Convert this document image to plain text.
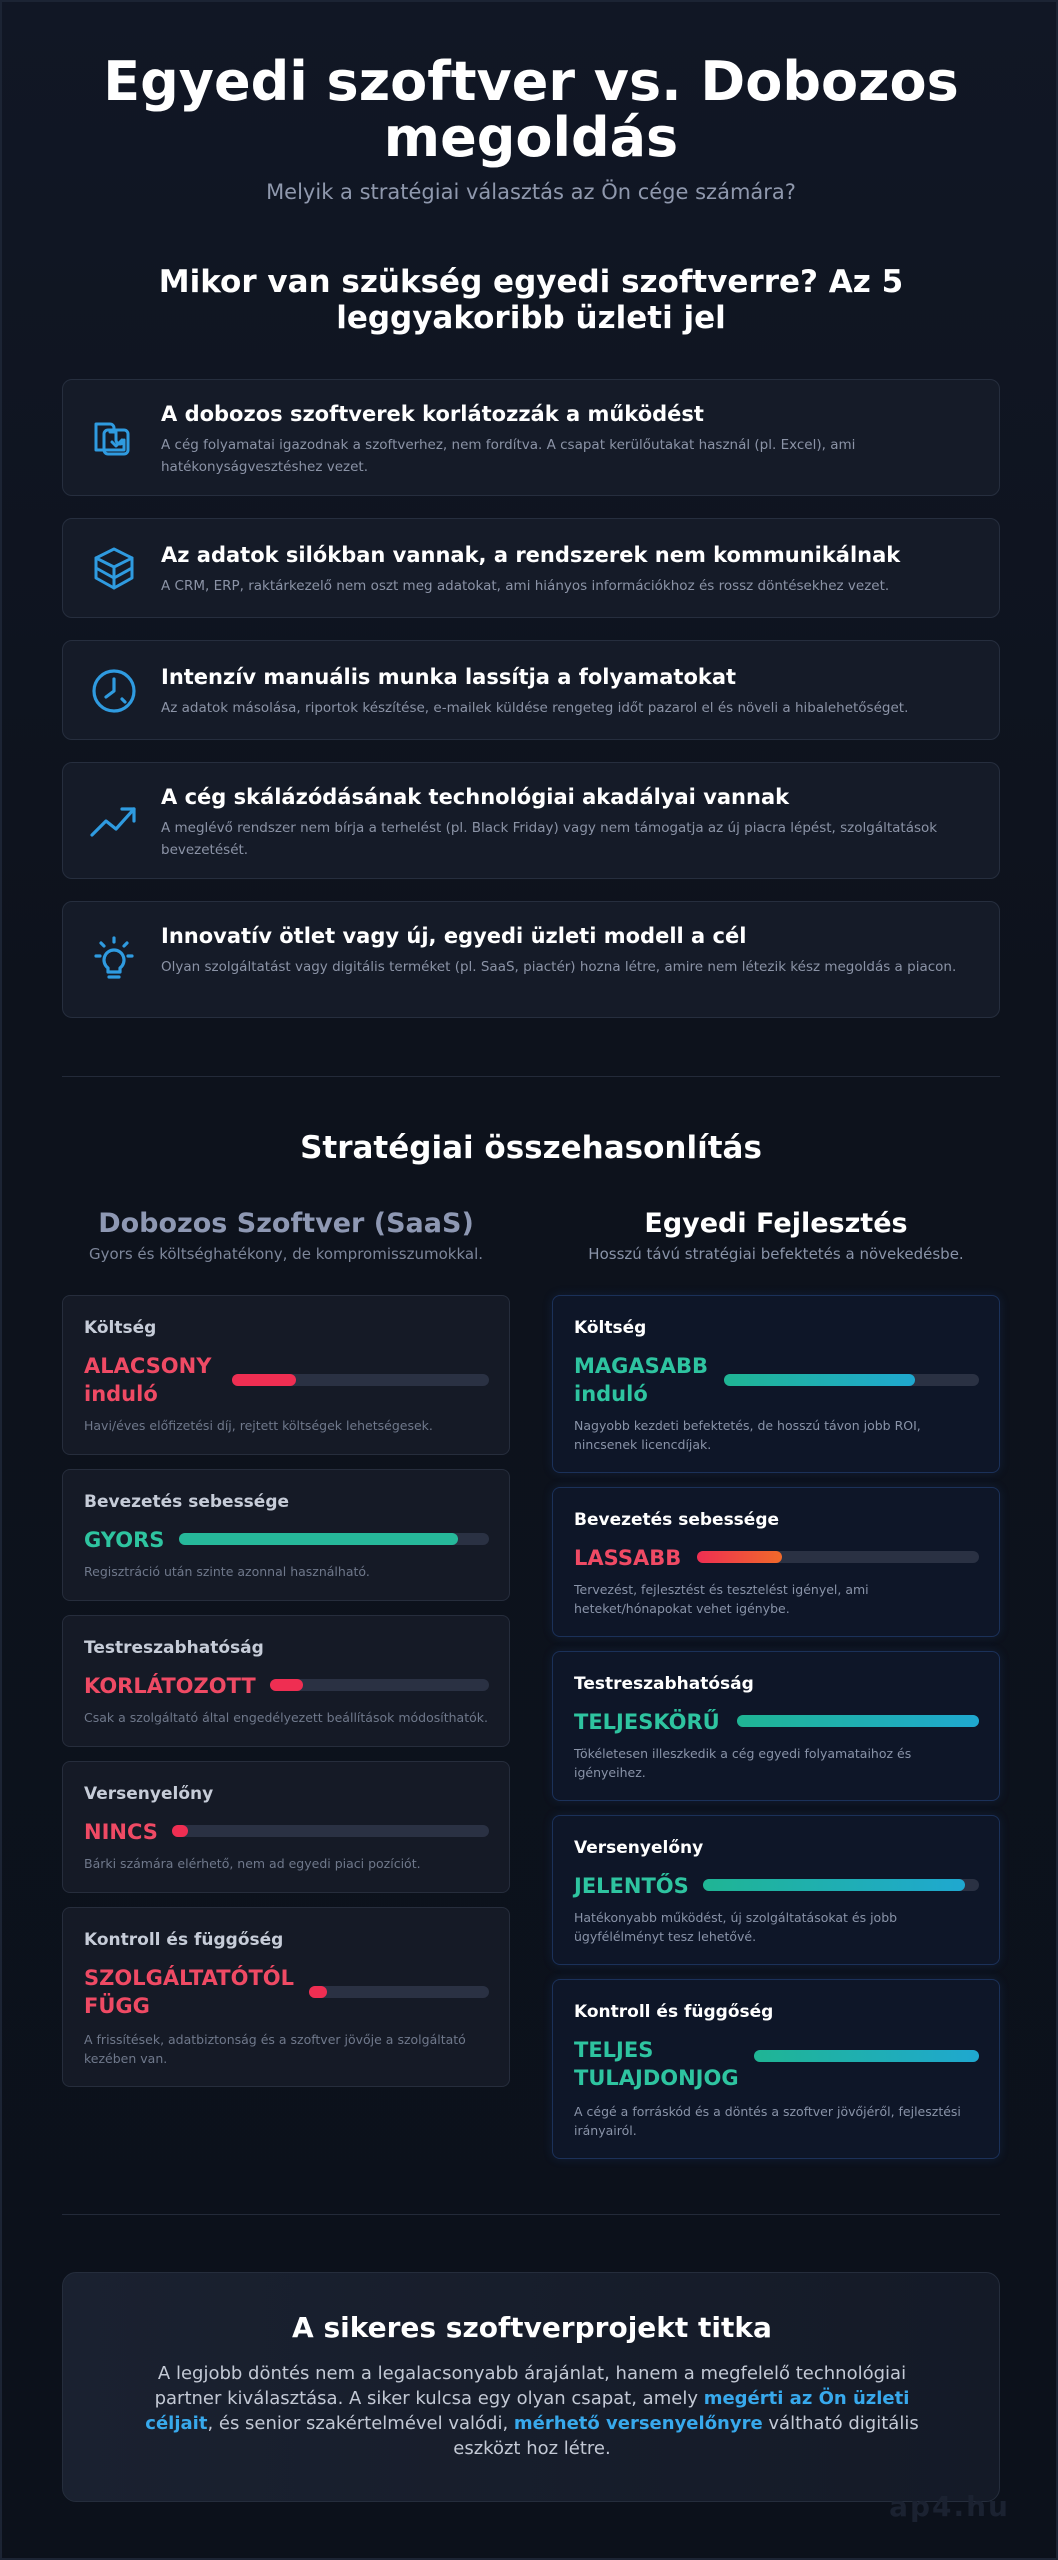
Egyedi szoftver vs. Dobozos megoldás
Melyik a stratégiai választás az Ön cége számára?
Mikor van szükség egyedi szoftverre? Az 5 leggyakoribb üzleti jel
A dobozos szoftverek korlátozzák a működést
A cég folyamatai igazodnak a szoftverhez, nem fordítva. A csapat kerülőutakat használ (pl. Excel), ami hatékonyságvesztéshez vezet.
Az adatok silókban vannak, a rendszerek nem kommunikálnak
A CRM, ERP, raktárkezelő nem oszt meg adatokat, ami hiányos információkhoz és rossz döntésekhez vezet.
Intenzív manuális munka lassítja a folyamatokat
Az adatok másolása, riportok készítése, e-mailek küldése rengeteg időt pazarol el és növeli a hibalehetőséget.
A cég skálázódásának technológiai akadályai vannak
A meglévő rendszer nem bírja a terhelést (pl. Black Friday) vagy nem támogatja az új piacra lépést, szolgáltatások bevezetését.
Innovatív ötlet vagy új, egyedi üzleti modell a cél
Olyan szolgáltatást vagy digitális terméket (pl. SaaS, piactér) hozna létre, amire nem létezik kész megoldás a piacon.
Stratégiai összehasonlítás
Dobozos Szoftver (SaaS)
Gyors és költséghatékony, de kompromisszumokkal.
Egyedi Fejlesztés
Hosszú távú stratégiai befektetés a növekedésbe.
Költség
ALACSONY
induló
Havi/éves előfizetési díj, rejtett költségek lehetségesek.
Bevezetés sebessége
GYORS
Regisztráció után szinte azonnal használható.
Testreszabhatóság
KORLÁTOZOTT
Csak a szolgáltató által engedélyezett beállítások módosíthatók.
Versenyelőny
NINCS
Bárki számára elérhető, nem ad egyedi piaci pozíciót.
Kontroll és függőség
SZOLGÁLTATÓTÓL
FÜGG
A frissítések, adatbiztonság és a szoftver jövője a szolgáltató kezében van.
Költség
MAGASABB
induló
Nagyobb kezdeti befektetés, de hosszú távon jobb ROI, nincsenek licencdíjak.
Bevezetés sebessége
LASSABB
Tervezést, fejlesztést és tesztelést igényel, ami heteket/hónapokat vehet igénybe.
Testreszabhatóság
TELJESKÖRŰ
Tökéletesen illeszkedik a cég egyedi folyamataihoz és igényeihez.
Versenyelőny
JELENTŐS
Hatékonyabb működést, új szolgáltatásokat és jobb ügyfélélményt tesz lehetővé.
Kontroll és függőség
TELJES
TULAJDONJOG
A cégé a forráskód és a döntés a szoftver jövőjéről, fejlesztési irányairól.
A sikeres szoftverprojekt titka
A legjobb döntés nem a legalacsonyabb árajánlat, hanem a megfelelő technológiai partner kiválasztása. A siker kulcsa egy olyan csapat, amely megérti az Ön üzleti céljait, és senior szakértelmével valódi, mérhető versenyelőnyre váltható digitális eszközt hoz létre.
ap4.hu
